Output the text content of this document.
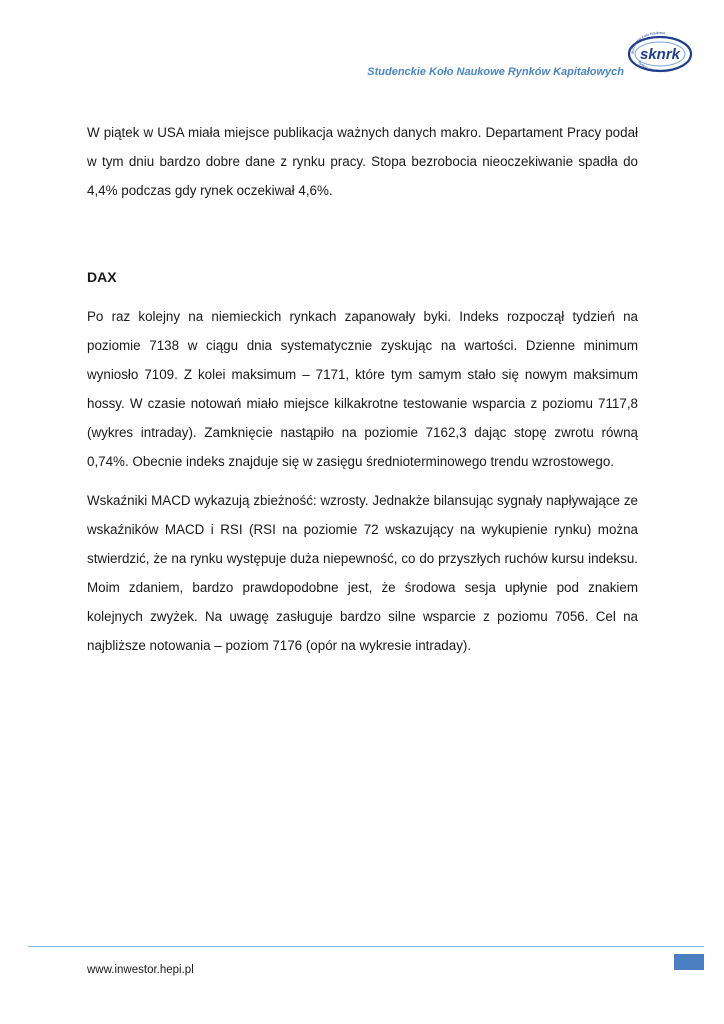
Studenckie Koło Naukowe Rynków Kapitałowych
sknrk
Studenckie Koło Naukowe
Rynków Kapitałowych

W piątek w USA miała miejsce publikacja ważnych danych makro. Departament Pracy podał w tym dniu bardzo dobre dane z rynku pracy. Stopa bezrobocia nieoczekiwanie spadła do 4,4% podczas gdy rynek oczekiwał 4,6%.

DAX

Po raz kolejny na niemieckich rynkach zapanowały byki. Indeks rozpoczął tydzień na poziomie 7138 w ciągu dnia systematycznie zyskując na wartości. Dzienne minimum wyniosło 7109. Z kolei maksimum – 7171, które tym samym stało się nowym maksimum hossy. W czasie notowań miało miejsce kilkakrotne testowanie wsparcia z poziomu 7117,8 (wykres intraday). Zamknięcie nastąpiło na poziomie 7162,3 dając stopę zwrotu równą 0,74%. Obecnie indeks znajduje się w zasięgu średnioterminowego trendu wzrostowego.

Wskaźniki MACD wykazują zbieżność: wzrosty. Jednakże bilansując sygnały napływające ze wskaźników MACD i RSI (RSI na poziomie 72 wskazujący na wykupienie rynku) można stwierdzić, że na rynku występuje duża niepewność, co do przyszłych ruchów kursu indeksu. Moim zdaniem, bardzo prawdopodobne jest, że środowa sesja upłynie pod znakiem kolejnych zwyżek. Na uwagę zasługuje bardzo silne wsparcie z poziomu 7056. Cel na najbliższe notowania – poziom 7176 (opór na wykresie intraday).

www.inwestor.hepi.pl
